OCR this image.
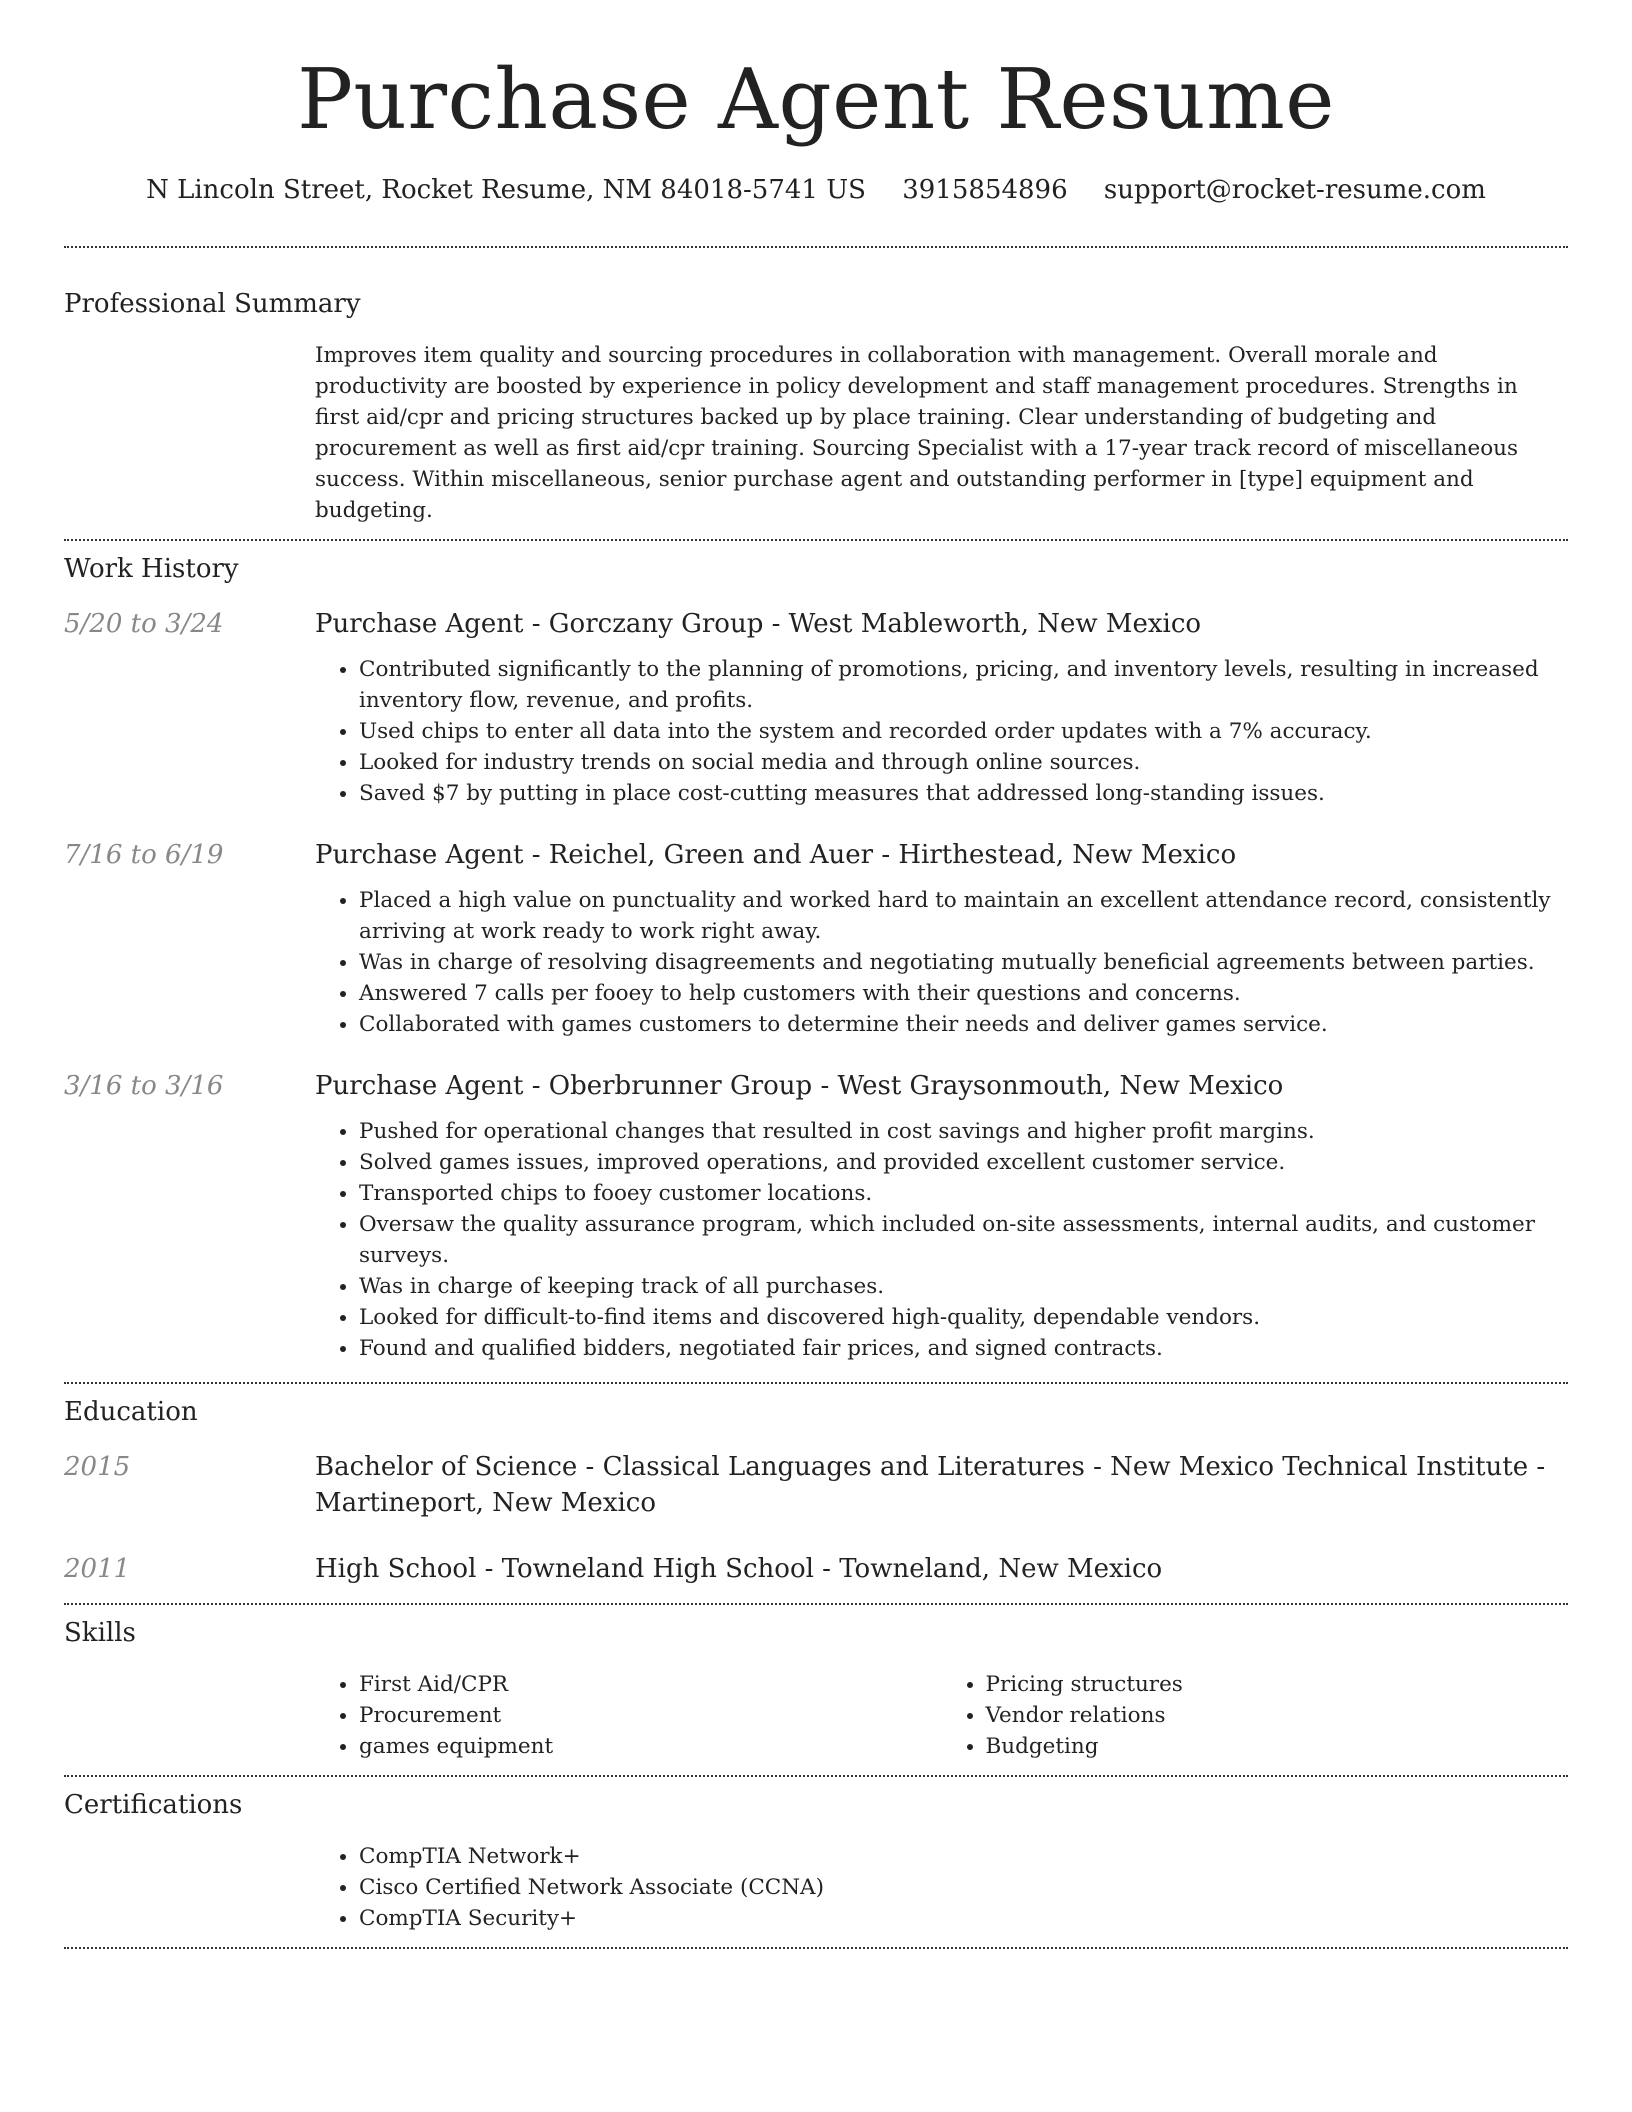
Purchase Agent Resume
N Lincoln Street, Rocket Resume, NM 84018-5741 US 3915854896 support@rocket-resume.com
Professional Summary

Improves item quality and sourcing procedures in collaboration with management. Overall morale and productivity are boosted by experience in policy development and staff management procedures. Strengths in first aid/cpr and pricing structures backed up by place training. Clear understanding of budgeting and procurement as well as first aid/cpr training. Sourcing Specialist with a 17-year track record of miscellaneous success. Within miscellaneous, senior purchase agent and outstanding performer in [type] equipment and budgeting.

Work History
5/20 to 3/24	Purchase Agent - Gorczany Group - West Mableworth, New Mexico
• Contributed significantly to the planning of promotions, pricing, and inventory levels, resulting in increased inventory flow, revenue, and profits.
• Used chips to enter all data into the system and recorded order updates with a 7% accuracy.
• Looked for industry trends on social media and through online sources.
• Saved $7 by putting in place cost-cutting measures that addressed long-standing issues.
7/16 to 6/19	Purchase Agent - Reichel, Green and Auer - Hirthestead, New Mexico
• Placed a high value on punctuality and worked hard to maintain an excellent attendance record, consistently arriving at work ready to work right away.
• Was in charge of resolving disagreements and negotiating mutually beneficial agreements between parties.
• Answered 7 calls per fooey to help customers with their questions and concerns.
• Collaborated with games customers to determine their needs and deliver games service.
3/16 to 3/16	Purchase Agent - Oberbrunner Group - West Graysonmouth, New Mexico
• Pushed for operational changes that resulted in cost savings and higher profit margins.
• Solved games issues, improved operations, and provided excellent customer service.
• Transported chips to fooey customer locations.
• Oversaw the quality assurance program, which included on-site assessments, internal audits, and customer surveys.
• Was in charge of keeping track of all purchases.
• Looked for difficult-to-find items and discovered high-quality, dependable vendors.
• Found and qualified bidders, negotiated fair prices, and signed contracts.
Education
2015	Bachelor of Science - Classical Languages and Literatures - New Mexico Technical Institute - Martineport, New Mexico
2011	High School - Towneland High School - Towneland, New Mexico
Skills
• First Aid/CPR
• Procurement
• games equipment
• Pricing structures
• Vendor relations
• Budgeting
Certifications
• CompTIA Network+
• Cisco Certified Network Associate (CCNA)
• CompTIA Security+
